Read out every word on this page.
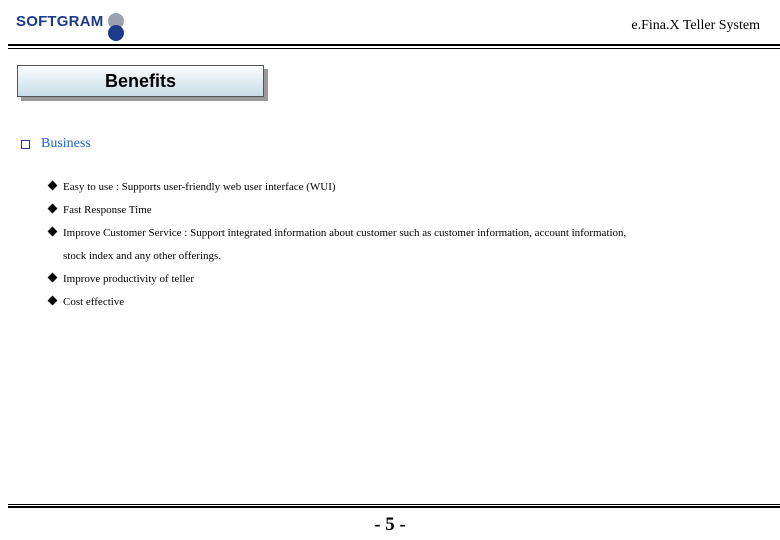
SOFTGRAM	e.Fina.X Teller System
Benefits
Business
Easy to use : Supports user-friendly web user interface (WUI)
Fast Response Time
Improve Customer Service : Support integrated information about customer such as customer information, account information,
stock index and any other offerings.
Improve productivity of teller
Cost effective
- 5 -
